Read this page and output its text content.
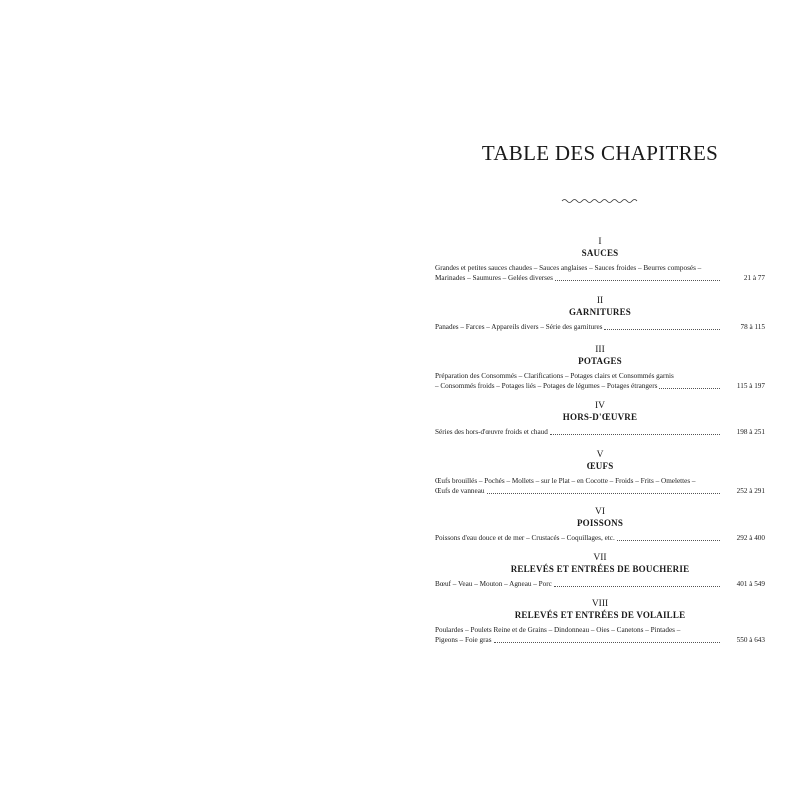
TABLE DES CHAPITRES
I
SAUCES
Grandes et petites sauces chaudes – Sauces anglaises – Sauces froides – Beurres composés –
Marinades – Saumures – Gelées diverses	21 à 77
II
GARNITURES
Panades – Farces – Appareils divers – Série des garnitures	78 à 115
III
POTAGES
Préparation des Consommés – Clarifications – Potages clairs et Consommés garnis
– Consommés froids – Potages liés – Potages de légumes – Potages étrangers	115 à 197
IV
HORS-D'ŒUVRE
Séries des hors-d'œuvre froids et chaud	198 à 251
V
ŒUFS
Œufs brouillés – Pochés – Mollets – sur le Plat – en Cocotte – Froids – Frits – Omelettes –
Œufs de vanneau	252 à 291
VI
POISSONS
Poissons d'eau douce et de mer – Crustacés – Coquillages, etc.	292 à 400
VII
RELEVÉS ET ENTRÉES DE BOUCHERIE
Bœuf – Veau – Mouton – Agneau – Porc	401 à 549
VIII
RELEVÉS ET ENTRÉES DE VOLAILLE
Poulardes – Poulets Reine et de Grains – Dindonneau – Oies – Canetons – Pintades –
Pigeons – Foie gras	550 à 643
